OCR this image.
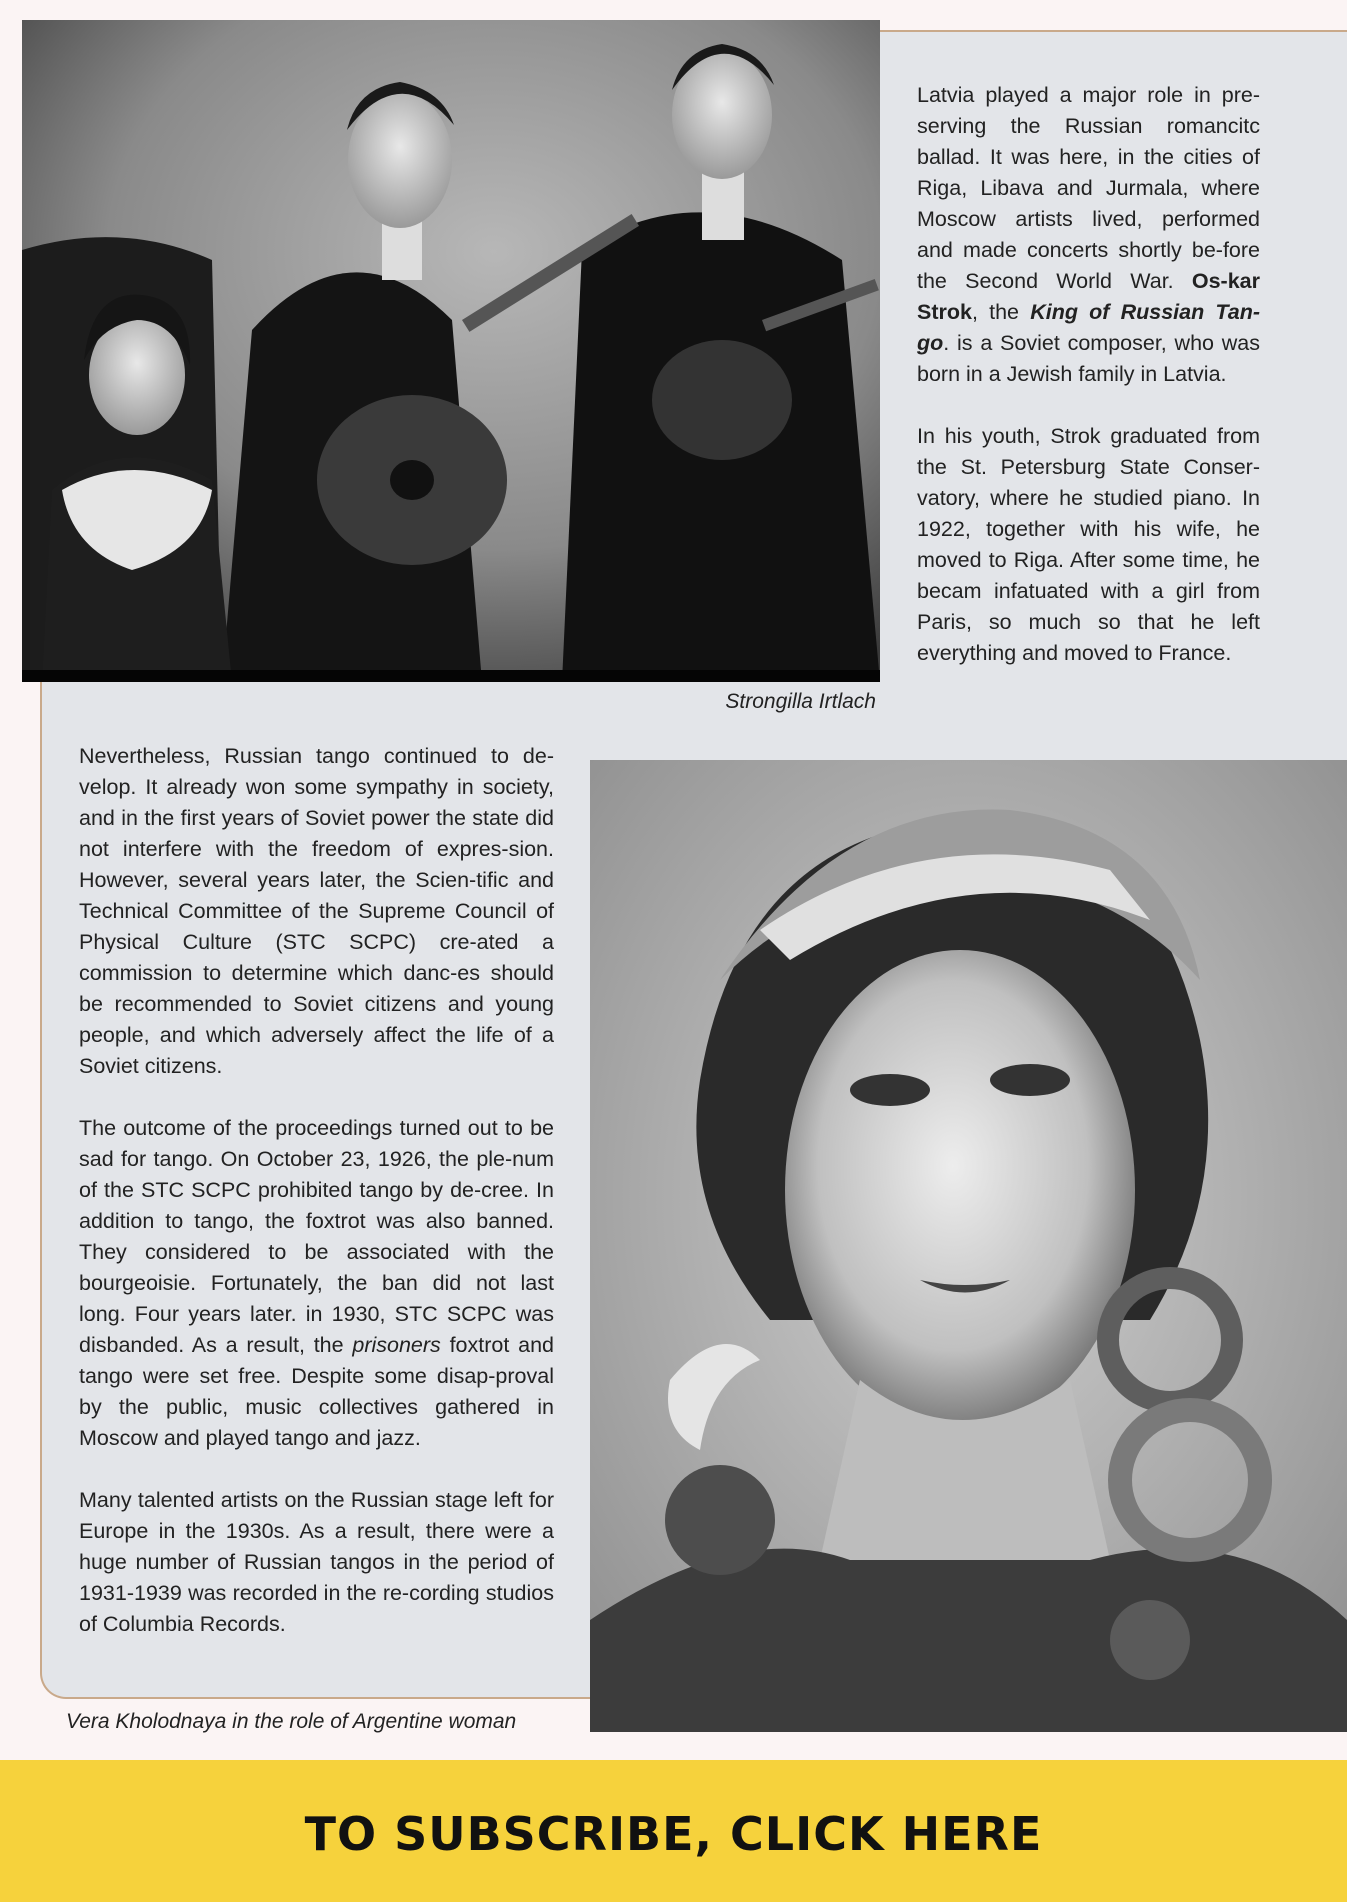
Strongilla Irtlach

Latvia played a major role in pre-serving the Russian romancitc ballad. It was here, in the cities of Riga, Libava and Jurmala, where Moscow artists lived, performed and made concerts shortly be-fore the Second World War. Os-kar Strok, the King of Russian Tan-go. is a Soviet composer, who was born in a Jewish family in Latvia.

In his youth, Strok graduated from the St. Petersburg State Conser-vatory, where he studied piano. In 1922, together with his wife, he moved to Riga. After some time, he becam infatuated with a girl from Paris, so much so that he left everything and moved to France.

Nevertheless, Russian tango continued to de-velop. It already won some sympathy in society, and in the first years of Soviet power the state did not interfere with the freedom of expres-sion. However, several years later, the Scien-tific and Technical Committee of the Supreme Council of Physical Culture (STC SCPC) cre-ated a commission to determine which danc-es should be recommended to Soviet citizens and young people, and which adversely affect the life of a Soviet citizens.

The outcome of the proceedings turned out to be sad for tango. On October 23, 1926, the ple-num of the STC SCPC prohibited tango by de-cree. In addition to tango, the foxtrot was also banned. They considered to be associated with the bourgeoisie. Fortunately, the ban did not last long. Four years later. in 1930, STC SCPC was disbanded. As a result, the prisoners foxtrot and tango were set free. Despite some disap-proval by the public, music collectives gathered in Moscow and played tango and jazz.

Many talented artists on the Russian stage left for Europe in the 1930s. As a result, there were a huge number of Russian tangos in the period of 1931-1939 was recorded in the re-cording studios of Columbia Records.

Vera Kholodnaya in the role of Argentine woman
TO SUBSCRIBE, CLICK HERE
